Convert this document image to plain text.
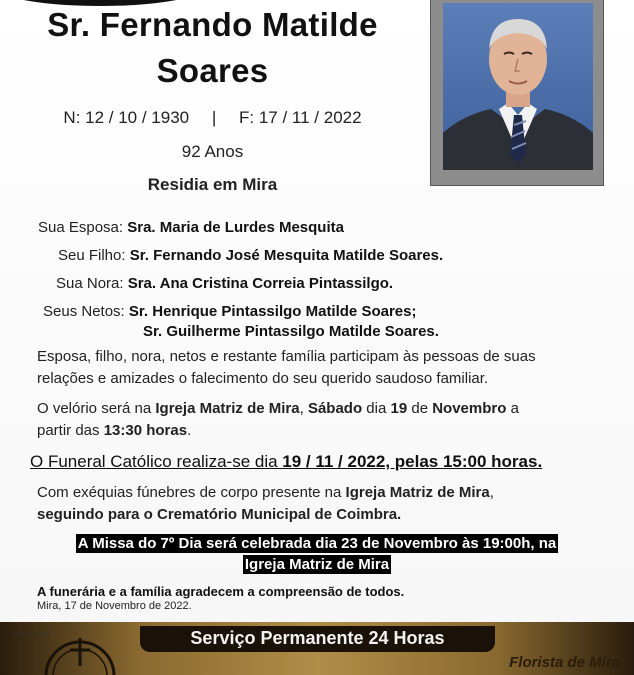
Sr. Fernando Matilde
Soares
N: 12 / 10 / 1930 | F: 17 / 11 / 2022
92 Anos
Residia em Mira
Sua Esposa: Sra. Maria de Lurdes Mesquita
Seu Filho: Sr. Fernando José Mesquita Matilde Soares.
Sua Nora: Sra. Ana Cristina Correia Pintassilgo.
Seus Netos: Sr. Henrique Pintassilgo Matilde Soares;
Sr. Guilherme Pintassilgo Matilde Soares.
Esposa, filho, nora, netos e restante família participam às pessoas de suas
relações e amizades o falecimento do seu querido saudoso familiar.
O velório será na Igreja Matriz de Mira, Sábado dia 19 de Novembro a
partir das 13:30 horas.
O Funeral Católico realiza-se dia 19 / 11 / 2022, pelas 15:00 horas.
Com exéquias fúnebres de corpo presente na Igreja Matriz de Mira,
seguindo para o Crematório Municipal de Coimbra.
A Missa do 7º Dia será celebrada dia 23 de Novembro às 19:00h, na
Igreja Matriz de Mira
A funerária e a família agradecem a compreensão de todos.
Mira, 17 de Novembro de 2022.
Serviço Permanente 24 Horas
Florista de Mira
DGAE - 2841
